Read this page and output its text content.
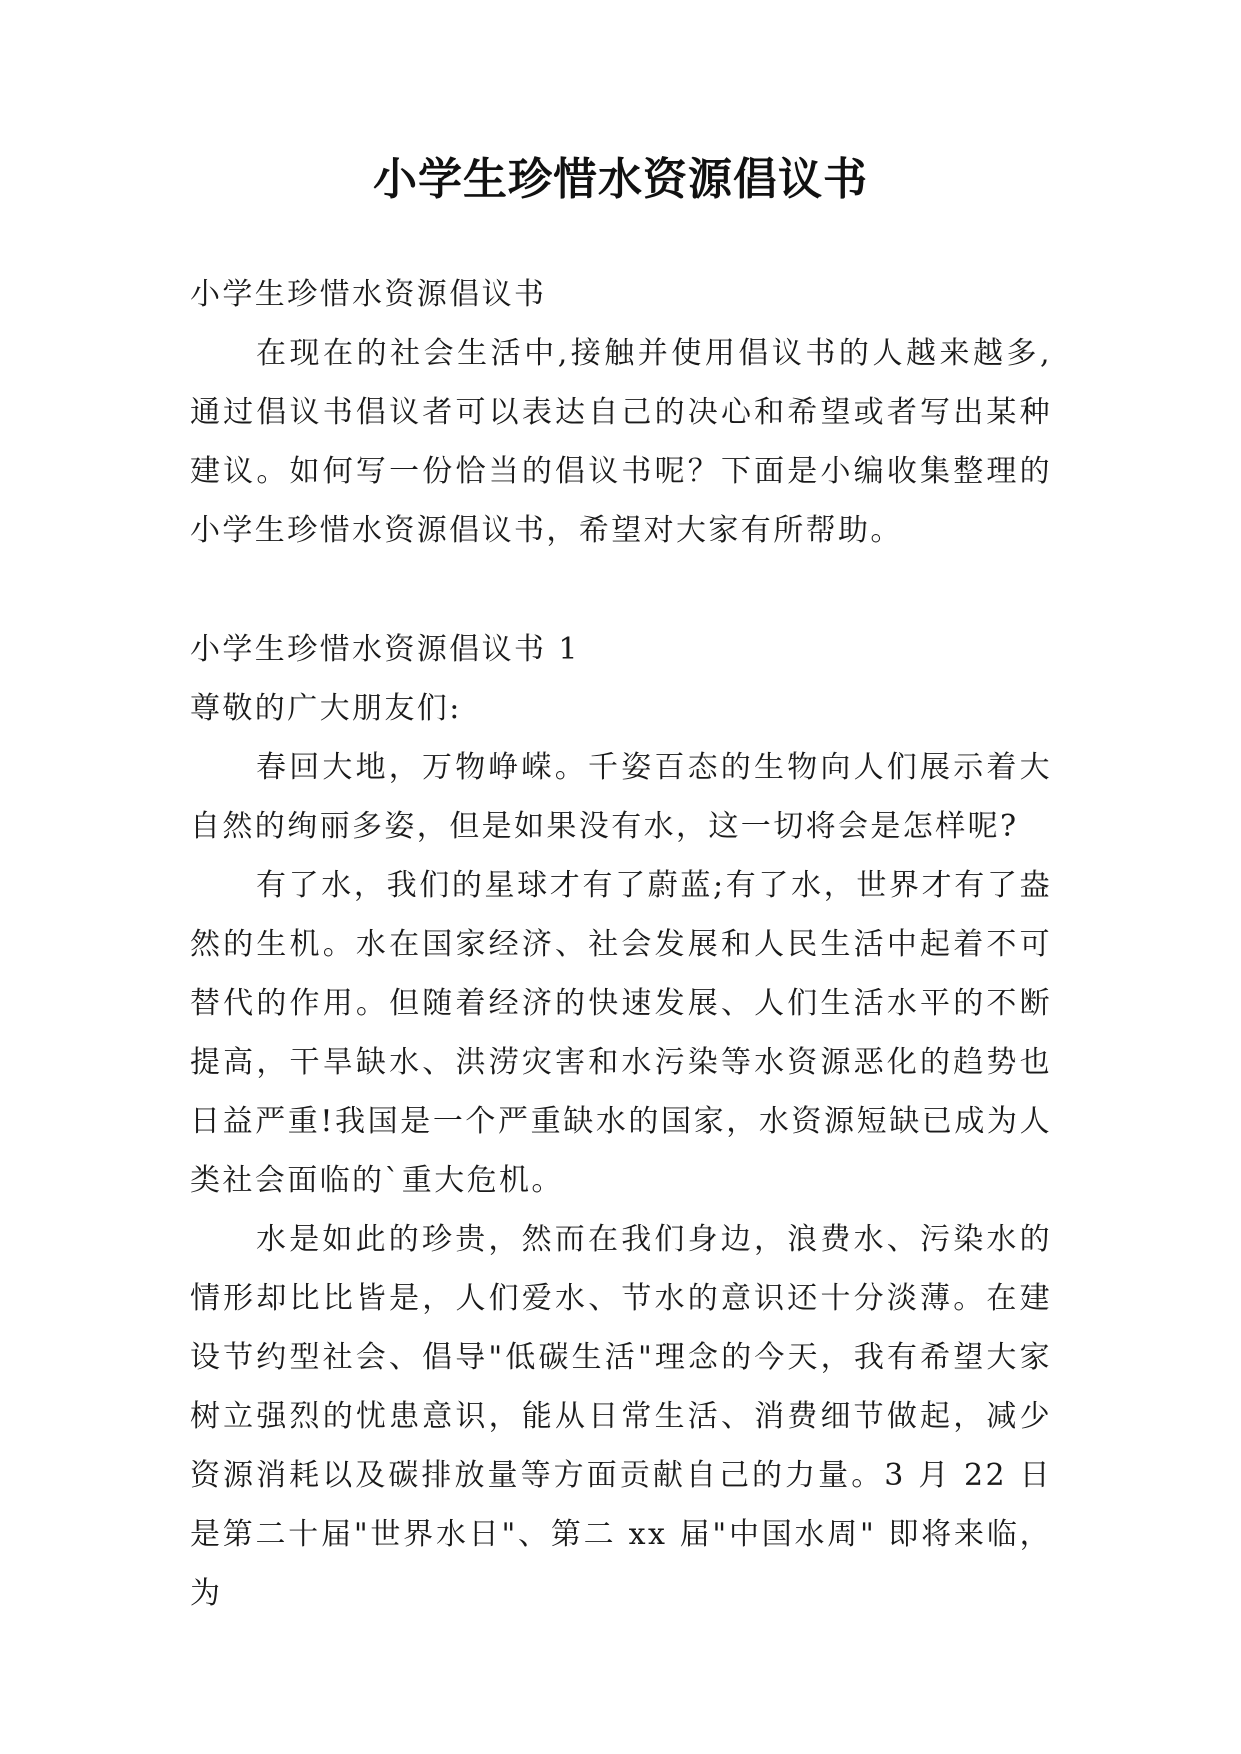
小学生珍惜水资源倡议书

小学生珍惜水资源倡议书

在现在的社会生活中,接触并使用倡议书的人越来越多,通过倡议书倡议者可以表达自己的决心和希望或者写出某种建议。如何写一份恰当的倡议书呢？下面是小编收集整理的小学生珍惜水资源倡议书，希望对大家有所帮助。

小学生珍惜水资源倡议书 1

尊敬的广大朋友们:

春回大地，万物峥嵘。千姿百态的生物向人们展示着大自然的绚丽多姿，但是如果没有水，这一切将会是怎样呢?

有了水，我们的星球才有了蔚蓝;有了水，世界才有了盎然的生机。水在国家经济、社会发展和人民生活中起着不可替代的作用。但随着经济的快速发展、人们生活水平的不断提高，干旱缺水、洪涝灾害和水污染等水资源恶化的趋势也日益严重!我国是一个严重缺水的国家，水资源短缺已成为人类社会面临的`重大危机。

水是如此的珍贵，然而在我们身边，浪费水、污染水的情形却比比皆是，人们爱水、节水的意识还十分淡薄。在建设节约型社会、倡导"低碳生活"理念的今天，我有希望大家树立强烈的忧患意识，能从日常生活、消费细节做起，减少资源消耗以及碳排放量等方面贡献自己的力量。3 月 22 日是第二十届"世界水日"、第二 xx 届"中国水周" 即将来临，为
